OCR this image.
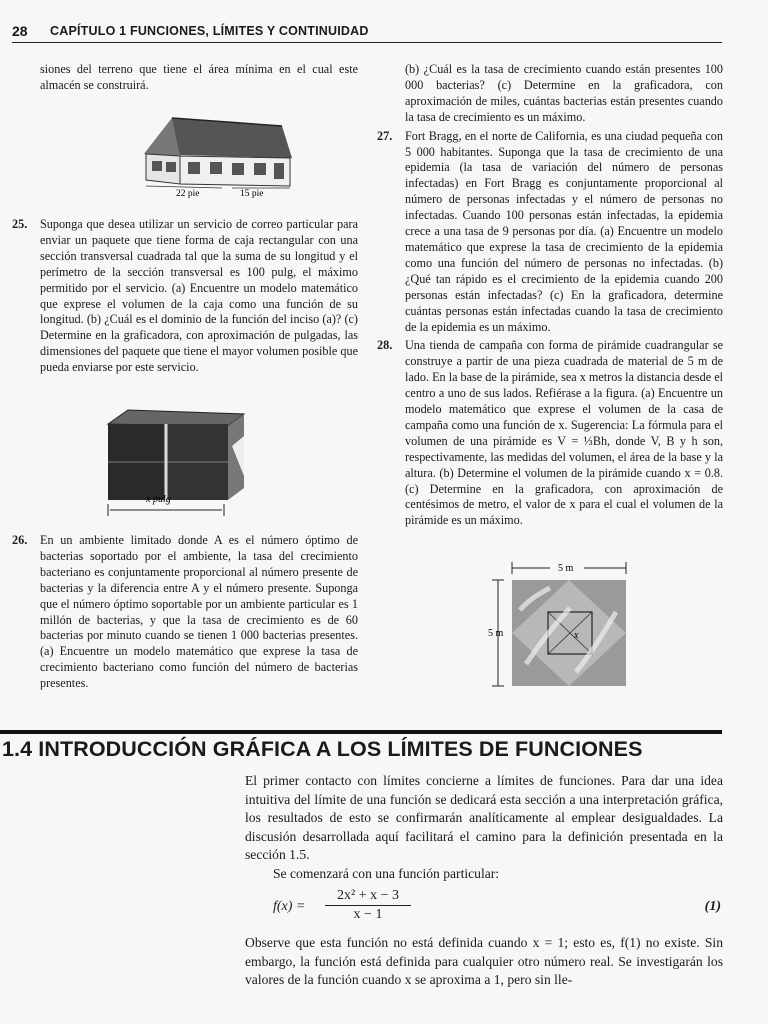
28 CAPÍTULO 1 FUNCIONES, LÍMITES Y CONTINUIDAD

siones del terreno que tiene el área mínima en el cual este almacén se construirá.

22 pie	15 pie

25. Suponga que desea utilizar un servicio de correo particular para enviar un paquete que tiene forma de caja rectangular con una sección transversal cuadrada tal que la suma de su longitud y el perímetro de la sección transversal es 100 pulg, el máximo permitido por el servicio. (a) Encuentre un modelo matemático que exprese el volumen de la caja como una función de su longitud. (b) ¿Cuál es el dominio de la función del inciso (a)? (c) Determine en la graficadora, con aproximación de pulgadas, las dimensiones del paquete que tiene el mayor volumen posible que pueda enviarse por este servicio.

x pulg

26. En un ambiente limitado donde A es el número óptimo de bacterias soportado por el ambiente, la tasa del crecimiento bacteriano es conjuntamente proporcional al número presente de bacterias y la diferencia entre A y el número presente. Suponga que el número óptimo soportable por un ambiente particular es 1 millón de bacterias, y que la tasa de crecimiento es de 60 bacterias por minuto cuando se tienen 1 000 bacterias presentes. (a) Encuentre un modelo matemático que exprese la tasa de crecimiento bacteriano como función del número de bacterias presentes.

(b) ¿Cuál es la tasa de crecimiento cuando están presentes 100 000 bacterias? (c) Determine en la graficadora, con aproximación de miles, cuántas bacterias están presentes cuando la tasa de crecimiento es un máximo.

27. Fort Bragg, en el norte de California, es una ciudad pequeña con 5 000 habitantes. Suponga que la tasa de crecimiento de una epidemia (la tasa de variación del número de personas infectadas) en Fort Bragg es conjuntamente proporcional al número de personas infectadas y el número de personas no infectadas. Cuando 100 personas están infectadas, la epidemia crece a una tasa de 9 personas por día. (a) Encuentre un modelo matemático que exprese la tasa de crecimiento de la epidemia como una función del número de personas no infectadas. (b) ¿Qué tan rápido es el crecimiento de la epidemia cuando 200 personas están infectadas? (c) En la graficadora, determine cuántas personas están infectadas cuando la tasa de crecimiento de la epidemia es un máximo.

28. Una tienda de campaña con forma de pirámide cuadrangular se construye a partir de una pieza cuadrada de material de 5 m de lado. En la base de la pirámide, sea x metros la distancia desde el centro a uno de sus lados. Refiérase a la figura. (a) Encuentre un modelo matemático que exprese el volumen de la casa de campaña como una función de x. Sugerencia: La fórmula para el volumen de una pirámide es V = ⅓Bh, donde V, B y h son, respectivamente, las medidas del volumen, el área de la base y la altura. (b) Determine el volumen de la pirámide cuando x = 0.8. (c) Determine en la graficadora, con aproximación de centésimos de metro, el valor de x para el cual el volumen de la pirámide es un máximo.

5 m
5 m	x
1.4 INTRODUCCIÓN GRÁFICA A LOS LÍMITES DE FUNCIONES

El primer contacto con límites concierne a límites de funciones. Para dar una idea intuitiva del límite de una función se dedicará esta sección a una interpretación gráfica, los resultados de esto se confirmarán analíticamente al emplear desigualdades. La discusión desarrollada aquí facilitará el camino para la definición presentada en la sección 1.5.

Se comenzará con una función particular:

$f(x) = \frac{\text{2x² + x − 3}}{x - 1}$	(1)

Observe que esta función no está definida cuando x = 1; esto es, f(1) no existe. Sin embargo, la función está definida para cualquier otro número real. Se investigarán los valores de la función cuando x se aproxima a 1, pero sin lle-
